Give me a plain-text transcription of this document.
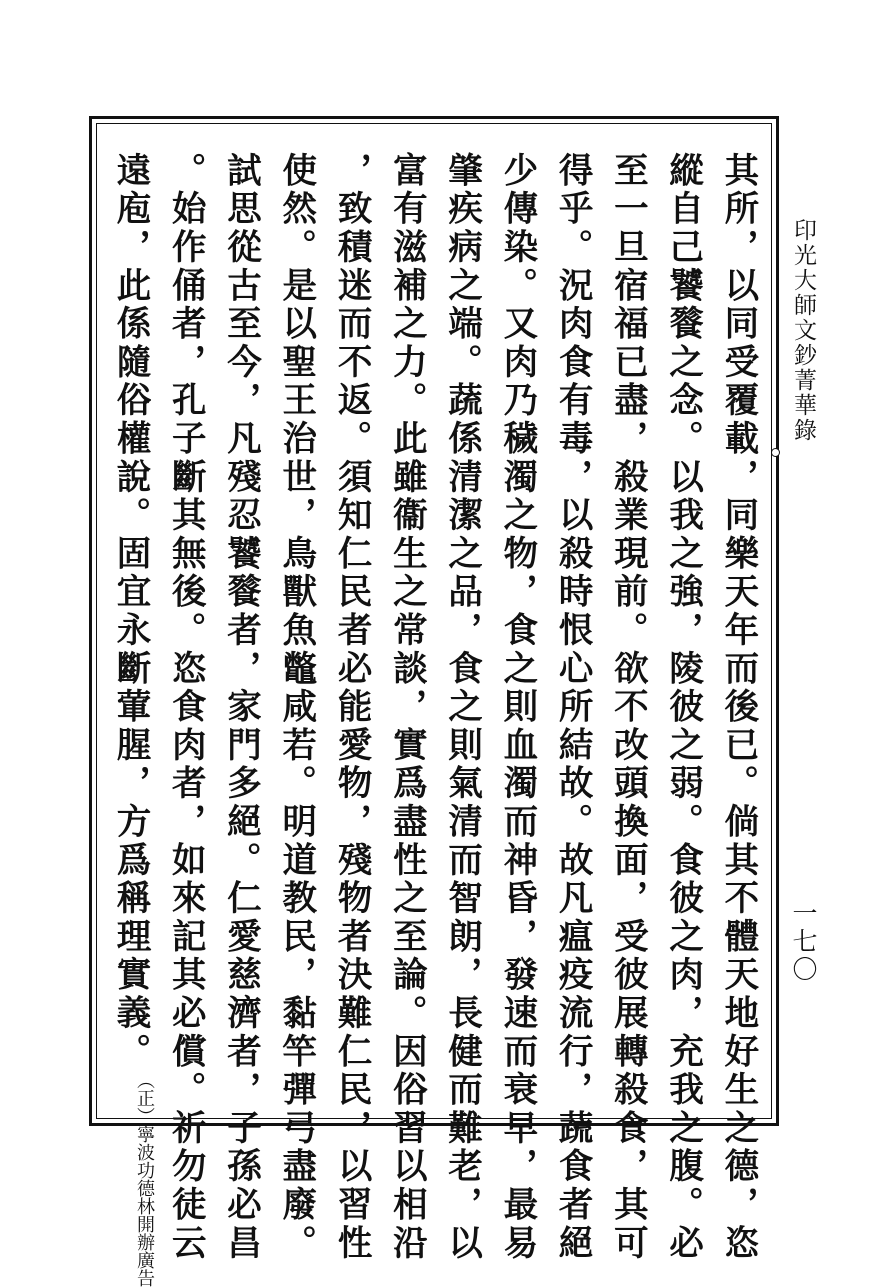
印光大師文鈔菁華錄
一七〇
其所，以同受覆載，同樂天年而後已。倘其不體天地好生之德，恣
縱自己饕餮之念。以我之強，陵彼之弱。食彼之肉，充我之腹。必
至一旦宿福已盡，殺業現前。欲不改頭換面，受彼展轉殺食，其可
得乎。況肉食有毒，以殺時恨心所結故。故凡瘟疫流行，蔬食者絕
少傳染。又肉乃穢濁之物，食之則血濁而神昏，發速而衰早，最易
肇疾病之端。蔬係清潔之品，食之則氣清而智朗，長健而難老，以
富有滋補之力。此雖衞生之常談，實爲盡性之至論。因俗習以相沿
，致積迷而不返。須知仁民者必能愛物，殘物者決難仁民，以習性
使然。是以聖王治世，鳥獸魚鼈咸若。明道教民，黏竿彈弓盡廢。
試思從古至今，凡殘忍饕餮者，家門多絕。仁愛慈濟者，子孫必昌
。始作俑者，孔子斷其無後。恣食肉者，如來記其必償。祈勿徒云
遠庖，此係隨俗權說。固宜永斷葷腥，方爲稱理實義。（正）寧波功德林開辦廣告
